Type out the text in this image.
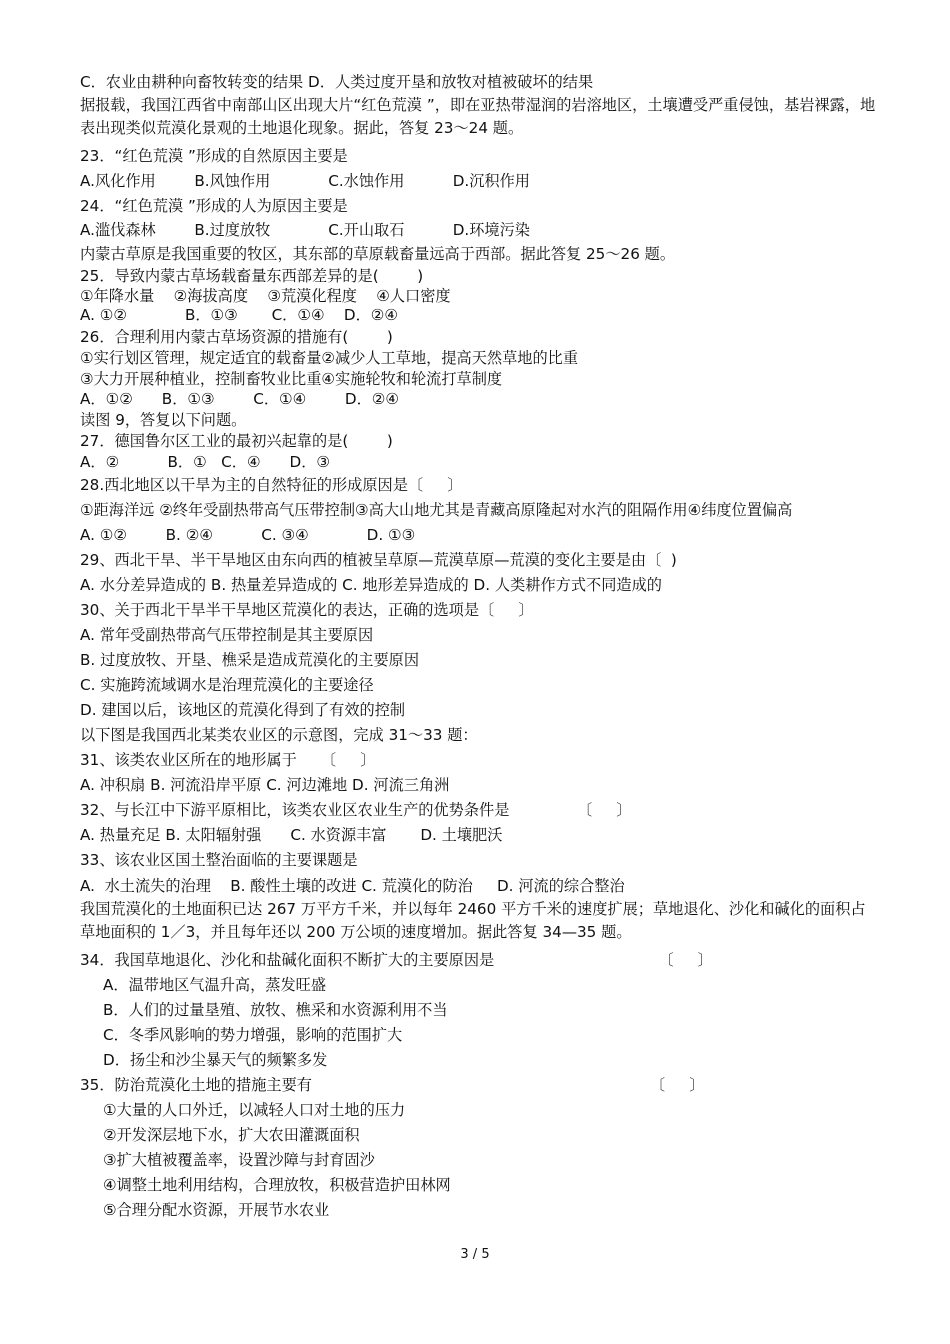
C．农业由耕种向畜牧转变的结果 D．人类过度开垦和放牧对植被破坏的结果
据报载，我国江西省中南部山区出现大片“红色荒漠 ”，即在亚热带湿润的岩溶地区，土壤遭受严重侵蚀，基岩裸露，地表出现类似荒漠化景观的土地退化现象。据此，答复 23～24 题。
23．“红色荒漠 ”形成的自然原因主要是
A.风化作用        B.风蚀作用            C.水蚀作用          D.沉积作用
24．“红色荒漠 ”形成的人为原因主要是
A.滥伐森林        B.过度放牧            C.开山取石          D.环境污染
内蒙古草原是我国重要的牧区，其东部的草原载畜量远高于西部。据此答复 25～26 题。
25．导致内蒙古草场载畜量东西部差异的是(        )
①年降水量    ②海拔高度    ③荒漠化程度    ④人口密度
A. ①②            B．①③       C．①④    D．②④
26．合理利用内蒙古草场资源的措施有(        )
①实行划区管理，规定适宜的载畜量②减少人工草地，提高天然草地的比重
③大力开展种植业，控制畜牧业比重④实施轮牧和轮流打草制度
A．①②      B．①③        C．①④        D．②④
读图 9，答复以下问题。
27．德国鲁尔区工业的最初兴起靠的是(        )
A．②          B．①   C．④      D．③
28.西北地区以干旱为主的自然特征的形成原因是〔     〕
①距海洋远 ②终年受副热带高气压带控制③高大山地尤其是青藏高原隆起对水汽的阻隔作用④纬度位置偏高
A. ①②        B. ②④          C. ③④            D. ①③
29、西北干旱、半干旱地区由东向西的植被呈草原—荒漠草原—荒漠的变化主要是由〔  )
A. 水分差异造成的 B. 热量差异造成的 C. 地形差异造成的 D. 人类耕作方式不同造成的
30、关于西北干旱半干旱地区荒漠化的表达，正确的选项是〔     〕
A. 常年受副热带高气压带控制是其主要原因
B. 过度放牧、开垦、樵采是造成荒漠化的主要原因
C. 实施跨流域调水是治理荒漠化的主要途径
D. 建国以后，该地区的荒漠化得到了有效的控制
以下图是我国西北某类农业区的示意图，完成 31～33 题：
31、该类农业区所在的地形属于     〔     〕
A. 冲积扇 B. 河流沿岸平原 C. 河边滩地 D. 河流三角洲
32、与长江中下游平原相比，该类农业区农业生产的优势条件是              〔     〕
A. 热量充足 B. 太阳辐射强      C. 水资源丰富       D. 土壤肥沃
33、该农业区国土整治面临的主要课题是
A.  水土流失的治理    B. 酸性土壤的改进 C. 荒漠化的防治     D. 河流的综合整治
我国荒漠化的土地面积已达 267 万平方千米，并以每年 2460 平方千米的速度扩展；草地退化、沙化和碱化的面积占草地面积的 1／3，并且每年还以 200 万公顷的速度增加。据此答复 34—35 题。
34．我国草地退化、沙化和盐碱化面积不断扩大的主要原因是                                  〔     〕
A．温带地区气温升高，蒸发旺盛
B．人们的过量垦殖、放牧、樵采和水资源利用不当
C．冬季风影响的势力增强，影响的范围扩大
D．扬尘和沙尘暴天气的频繁多发
35．防治荒漠化土地的措施主要有                                                                      〔     〕
①大量的人口外迁，以减轻人口对土地的压力
②开发深层地下水，扩大农田灌溉面积
③扩大植被覆盖率，设置沙障与封育固沙
④调整土地利用结构，合理放牧，积极营造护田林网
⑤合理分配水资源，开展节水农业
3 / 5
